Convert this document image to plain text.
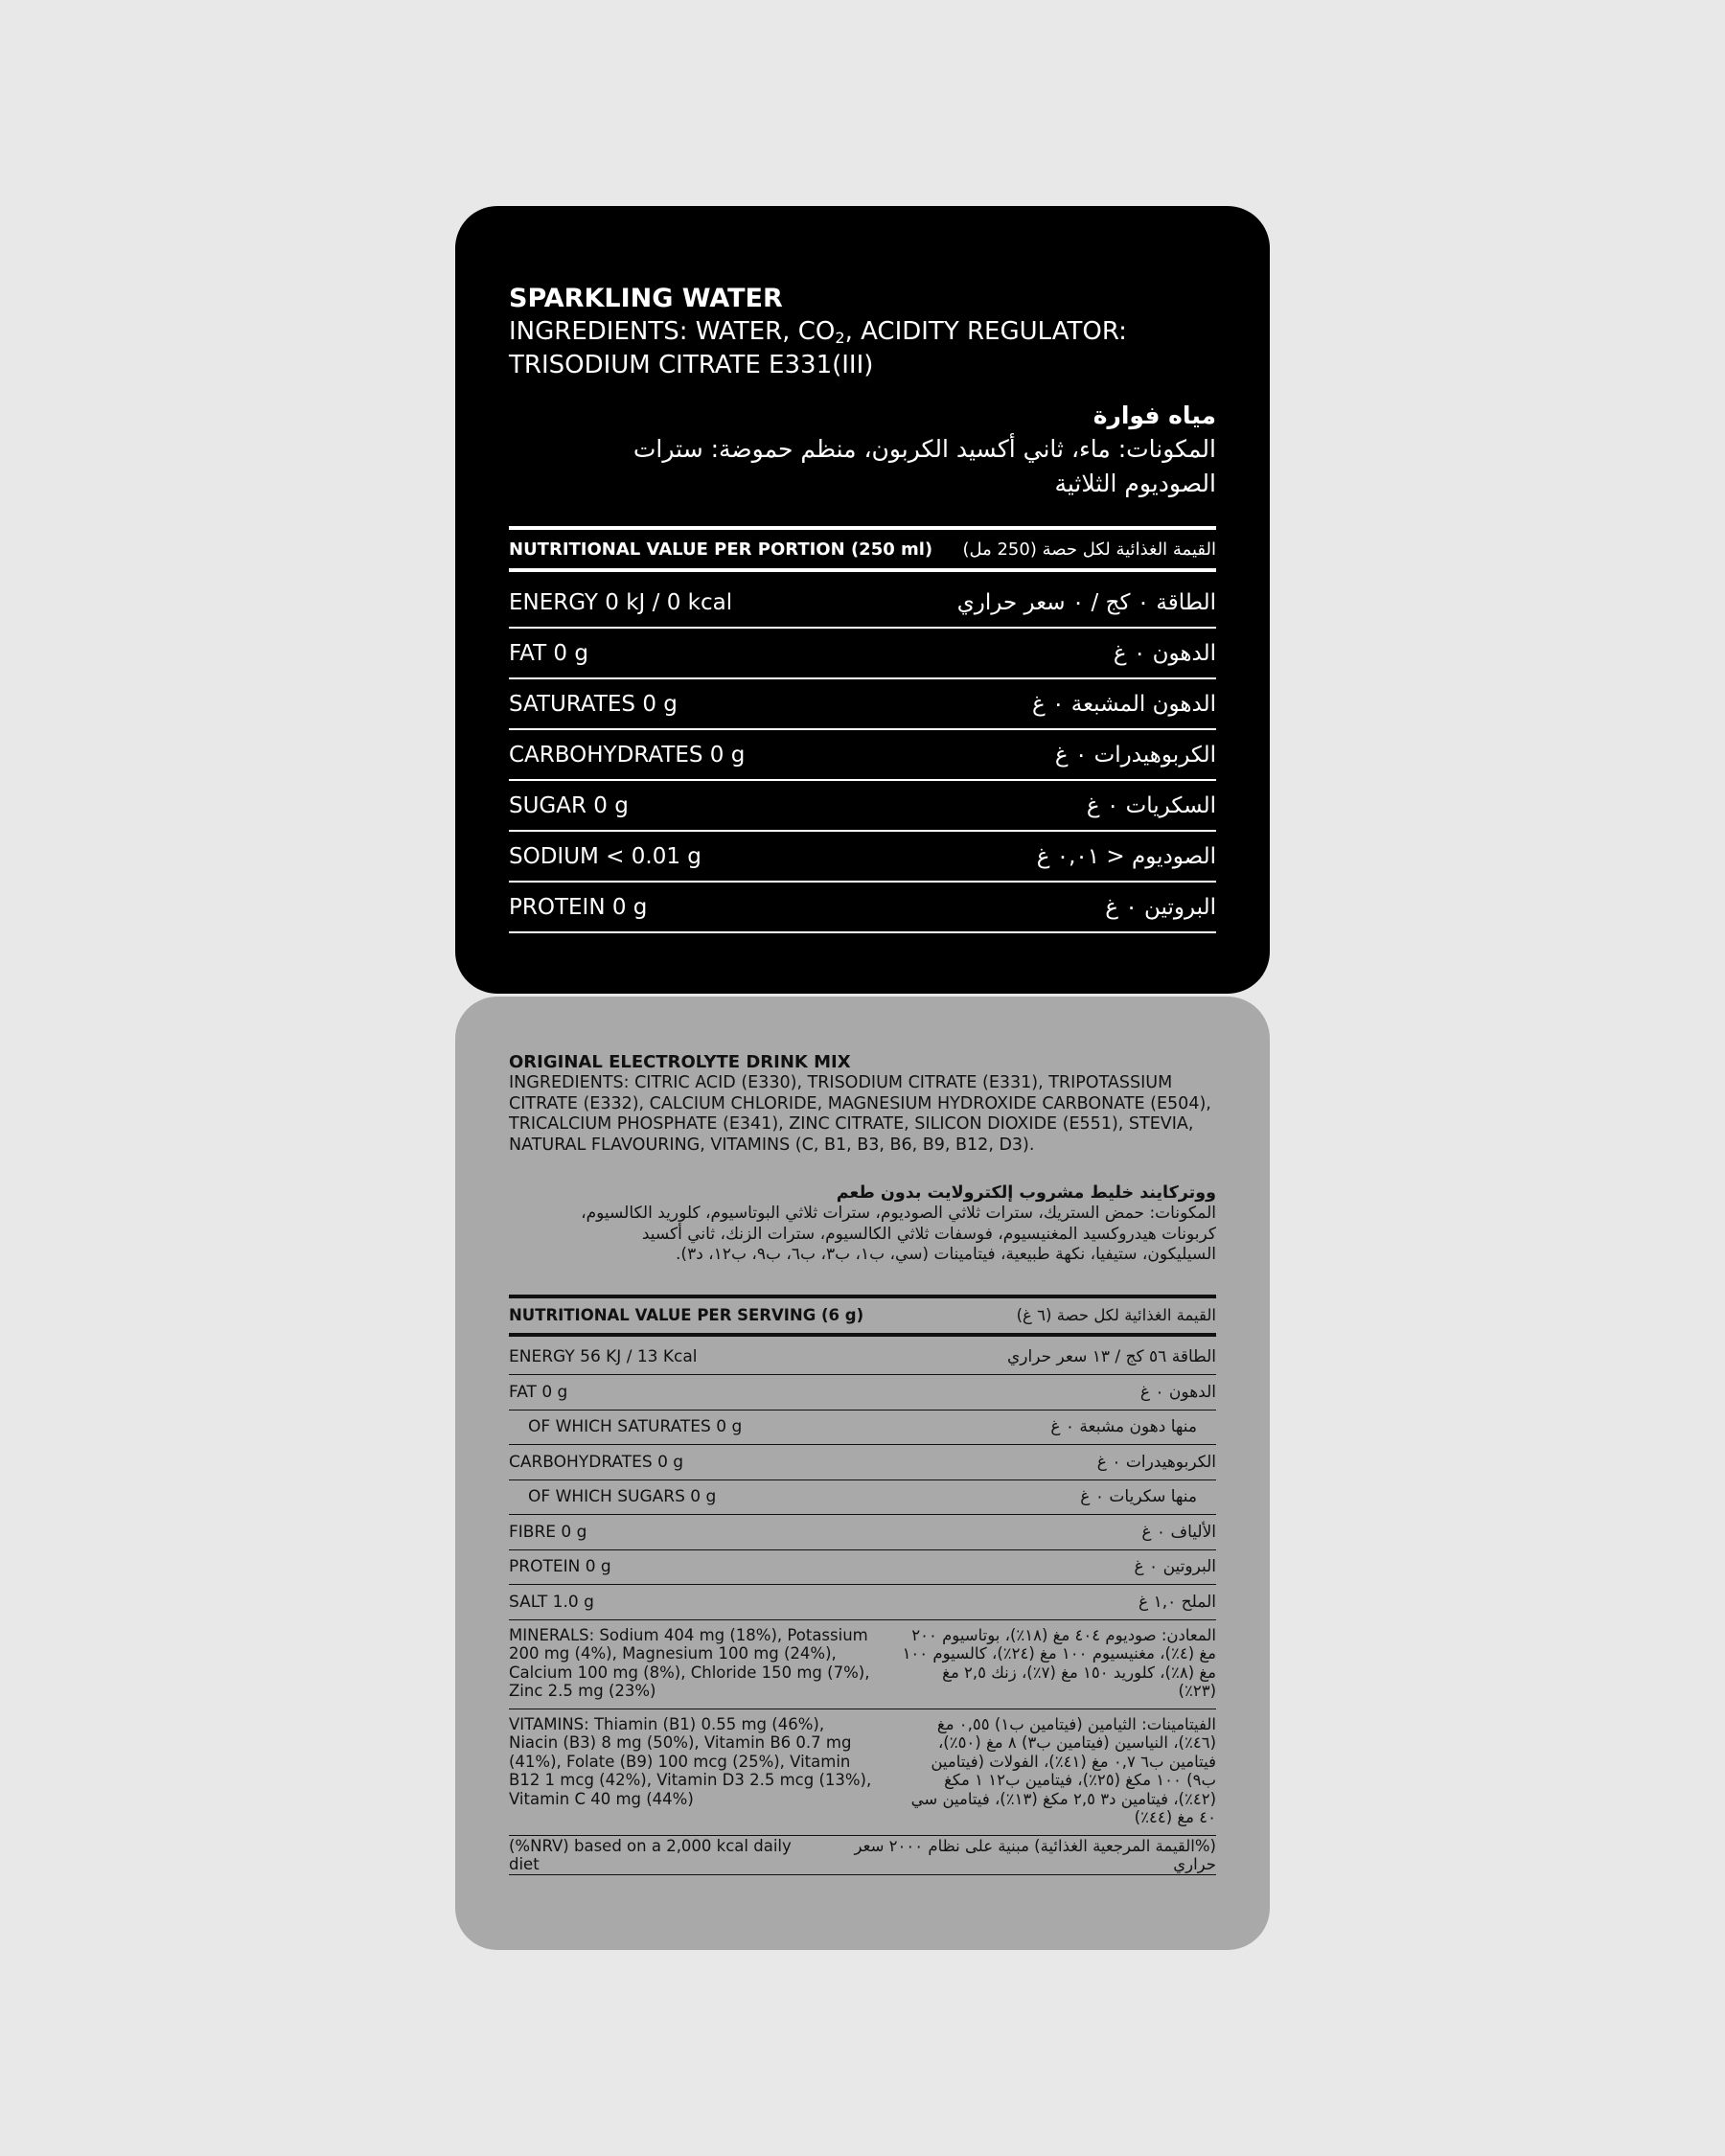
SPARKLING WATER

INGREDIENTS: WATER, $CO_2$, ACIDITY REGULATOR: TRISODIUM CITRATE E331(III)

مياه فوارة

المكونات: ماء، ثاني أكسيد الكربون، منظم حموضة: سترات الصوديوم الثلاثية

NUTRITIONAL VALUE PER PORTION (250 ml) القيمة الغذائية لكل حصة (250 مل)
ENERGY 0 kJ / 0 kcal	الطاقة ٠ كج / ٠ سعر حراري
FAT 0 g	الدهون ٠ غ
SATURATES 0 g	الدهون المشبعة ٠ غ
CARBOHYDRATES 0 g	الكربوهيدرات ٠ غ
SUGAR 0 g	السكريات ٠ غ
SODIUM < 0.01 g	الصوديوم < ٠,٠١ غ
PROTEIN 0 g	البروتين ٠ غ

ORIGINAL ELECTROLYTE DRINK MIX

INGREDIENTS: CITRIC ACID (E330), TRISODIUM CITRATE (E331), TRIPOTASSIUM CITRATE (E332), CALCIUM CHLORIDE, MAGNESIUM HYDROXIDE CARBONATE (E504), TRICALCIUM PHOSPHATE (E341), ZINC CITRATE, SILICON DIOXIDE (E551), STEVIA, NATURAL FLAVOURING, VITAMINS (C, B1, B3, B6, B9, B12, D3).

ووتركايند خليط مشروب إلكترولايت بدون طعم

المكونات: حمض الستريك، سترات ثلاثي الصوديوم، سترات ثلاثي البوتاسيوم، كلوريد الكالسيوم، كربونات هيدروكسيد المغنيسيوم، فوسفات ثلاثي الكالسيوم، سترات الزنك، ثاني أكسيد السيليكون، ستيفيا، نكهة طبيعية، فيتامينات (سي، ب١، ب٣، ب٦، ب٩، ب١٢، د٣).

NUTRITIONAL VALUE PER SERVING (6 g)	القيمة الغذائية لكل حصة (٦ غ)
ENERGY 56 KJ / 13 Kcal	الطاقة ٥٦ كج / ١٣ سعر حراري
FAT 0 g	الدهون ٠ غ
OF WHICH SATURATES 0 g	منها دهون مشبعة ٠ غ
CARBOHYDRATES 0 g	الكربوهيدرات ٠ غ
OF WHICH SUGARS 0 g	منها سكريات ٠ غ
FIBRE 0 g	الألياف ٠ غ
PROTEIN 0 g	البروتين ٠ غ
SALT 1.0 g	الملح ١,٠ غ
MINERALS: Sodium 404 mg (18%), Potassium 200 mg (4%), Magnesium 100 mg (24%), Calcium 100 mg (8%), Chloride 150 mg (7%), Zinc 2.5 mg (23%)
المعادن: صوديوم ٤٠٤ مغ (١٨٪)، بوتاسيوم ٢٠٠ مغ (٤٪)، مغنيسيوم ١٠٠ مغ (٢٤٪)، كالسيوم ١٠٠ مغ (٨٪)، كلوريد ١٥٠ مغ (٧٪)، زنك ٢,٥ مغ (٢٣٪)
VITAMINS: Thiamin (B1) 0.55 mg (46%), Niacin (B3) 8 mg (50%), Vitamin B6 0.7 mg (41%), Folate (B9) 100 mcg (25%), Vitamin B12 1 mcg (42%), Vitamin D3 2.5 mcg (13%), Vitamin C 40 mg (44%)
الفيتامينات: الثيامين (فيتامين ب١) ٠,٥٥ مغ (٤٦٪)، النياسين (فيتامين ب٣) ٨ مغ (٥٠٪)، فيتامين ب٦ ٠,٧ مغ (٤١٪)، الفولات (فيتامين ب٩) ١٠٠ مكغ (٢٥٪)، فيتامين ب١٢ ١ مكغ (٤٢٪)، فيتامين د٣ ٢,٥ مكغ (١٣٪)، فيتامين سي ٤٠ مغ (٤٤٪)
(%NRV) based on a 2,000 kcal daily diet
(%القيمة المرجعية الغذائية) مبنية على نظام ٢٠٠٠ سعر حراري
